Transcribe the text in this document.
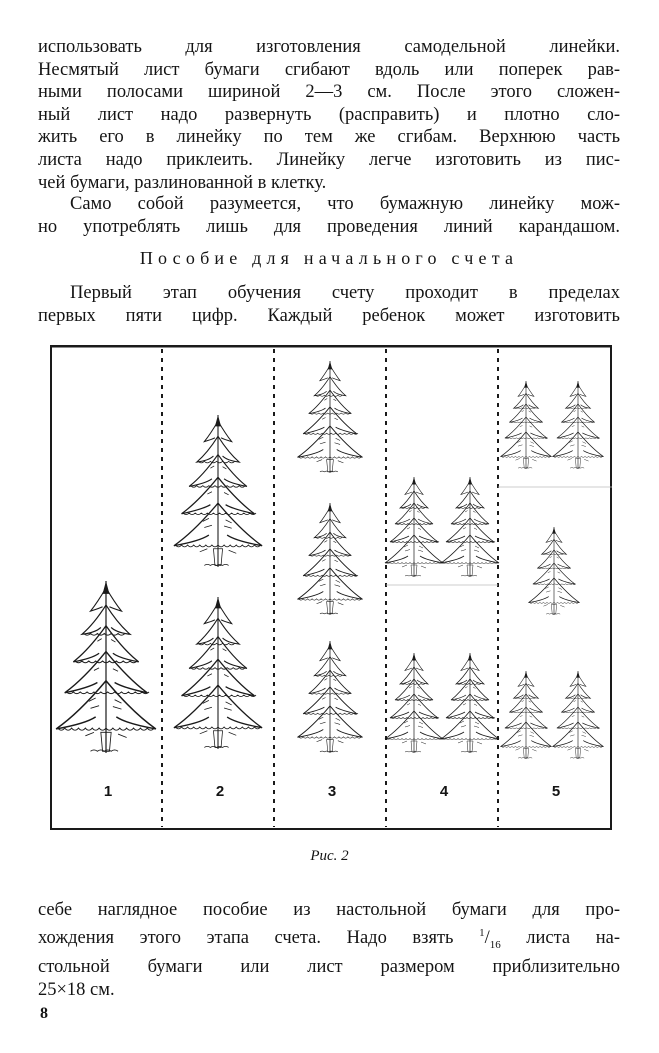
использовать для изготовления самодельной линейки.
Несмятый лист бумаги сгибают вдоль или поперек рав-
ными полосами шириной 2—3 см. После этого сложен-
ный лист надо развернуть (расправить) и плотно сло-
жить его в линейку по тем же сгибам. Верхнюю часть
листа надо приклеить. Линейку легче изготовить из пис-
чей бумаги, разлинованной в клетку.
Само собой разумеется, что бумажную линейку мож-
но употреблять лишь для проведения линий карандашом.

Пособие для начального счета

Первый этап обучения счету проходит в пределах
первых пяти цифр. Каждый ребенок может изготовить
1	2	3	4	5
Рис. 2
себе наглядное пособие из настольной бумаги для про-
хождения этого этапа счета. Надо взять $^1/_{16}$ листа на-
стольной бумаги или лист размером приблизительно
25×18 см.
8
